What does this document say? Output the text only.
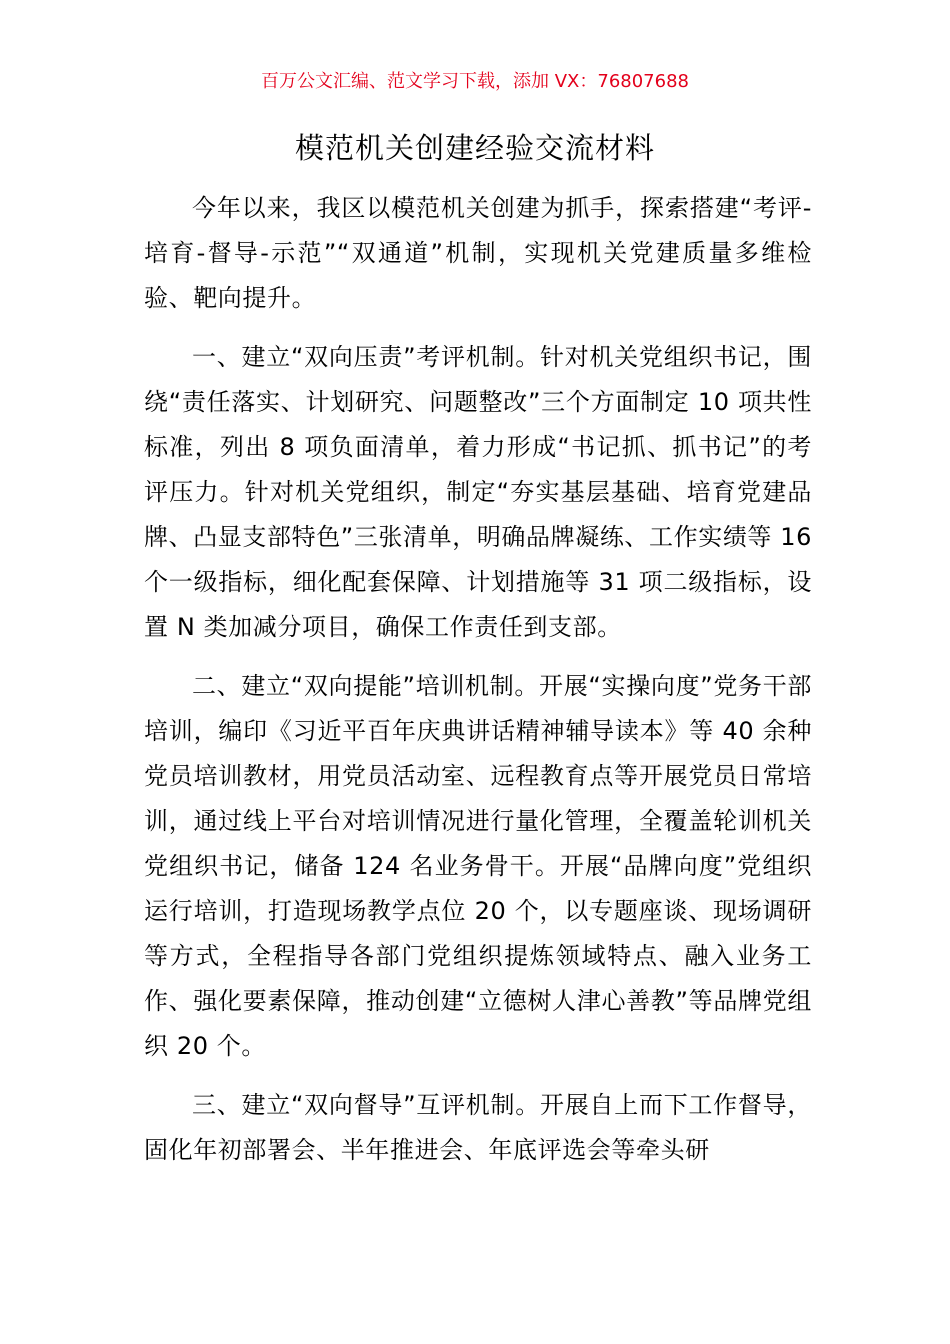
百万公文汇编、范文学习下载，添加 VX：76807688
模范机关创建经验交流材料

今年以来，我区以模范机关创建为抓手，探索搭建“考评-培育-督导-示范”“双通道”机制，实现机关党建质量多维检验、靶向提升。

一、建立“双向压责”考评机制。针对机关党组织书记，围绕“责任落实、计划研究、问题整改”三个方面制定 10 项共性标准，列出 8 项负面清单，着力形成“书记抓、抓书记”的考评压力。针对机关党组织，制定“夯实基层基础、培育党建品牌、凸显支部特色”三张清单，明确品牌凝练、工作实绩等 16 个一级指标，细化配套保障、计划措施等 31 项二级指标，设置 N 类加减分项目，确保工作责任到支部。

二、建立“双向提能”培训机制。开展“实操向度”党务干部培训，编印《习近平百年庆典讲话精神辅导读本》等 40 余种党员培训教材，用党员活动室、远程教育点等开展党员日常培训，通过线上平台对培训情况进行量化管理，全覆盖轮训机关党组织书记，储备 124 名业务骨干。开展“品牌向度”党组织运行培训，打造现场教学点位 20 个，以专题座谈、现场调研等方式，全程指导各部门党组织提炼领域特点、融入业务工作、强化要素保障，推动创建“立德树人津心善教”等品牌党组织 20 个。

三、建立“双向督导”互评机制。开展自上而下工作督导，固化年初部署会、半年推进会、年底评选会等牵头研
